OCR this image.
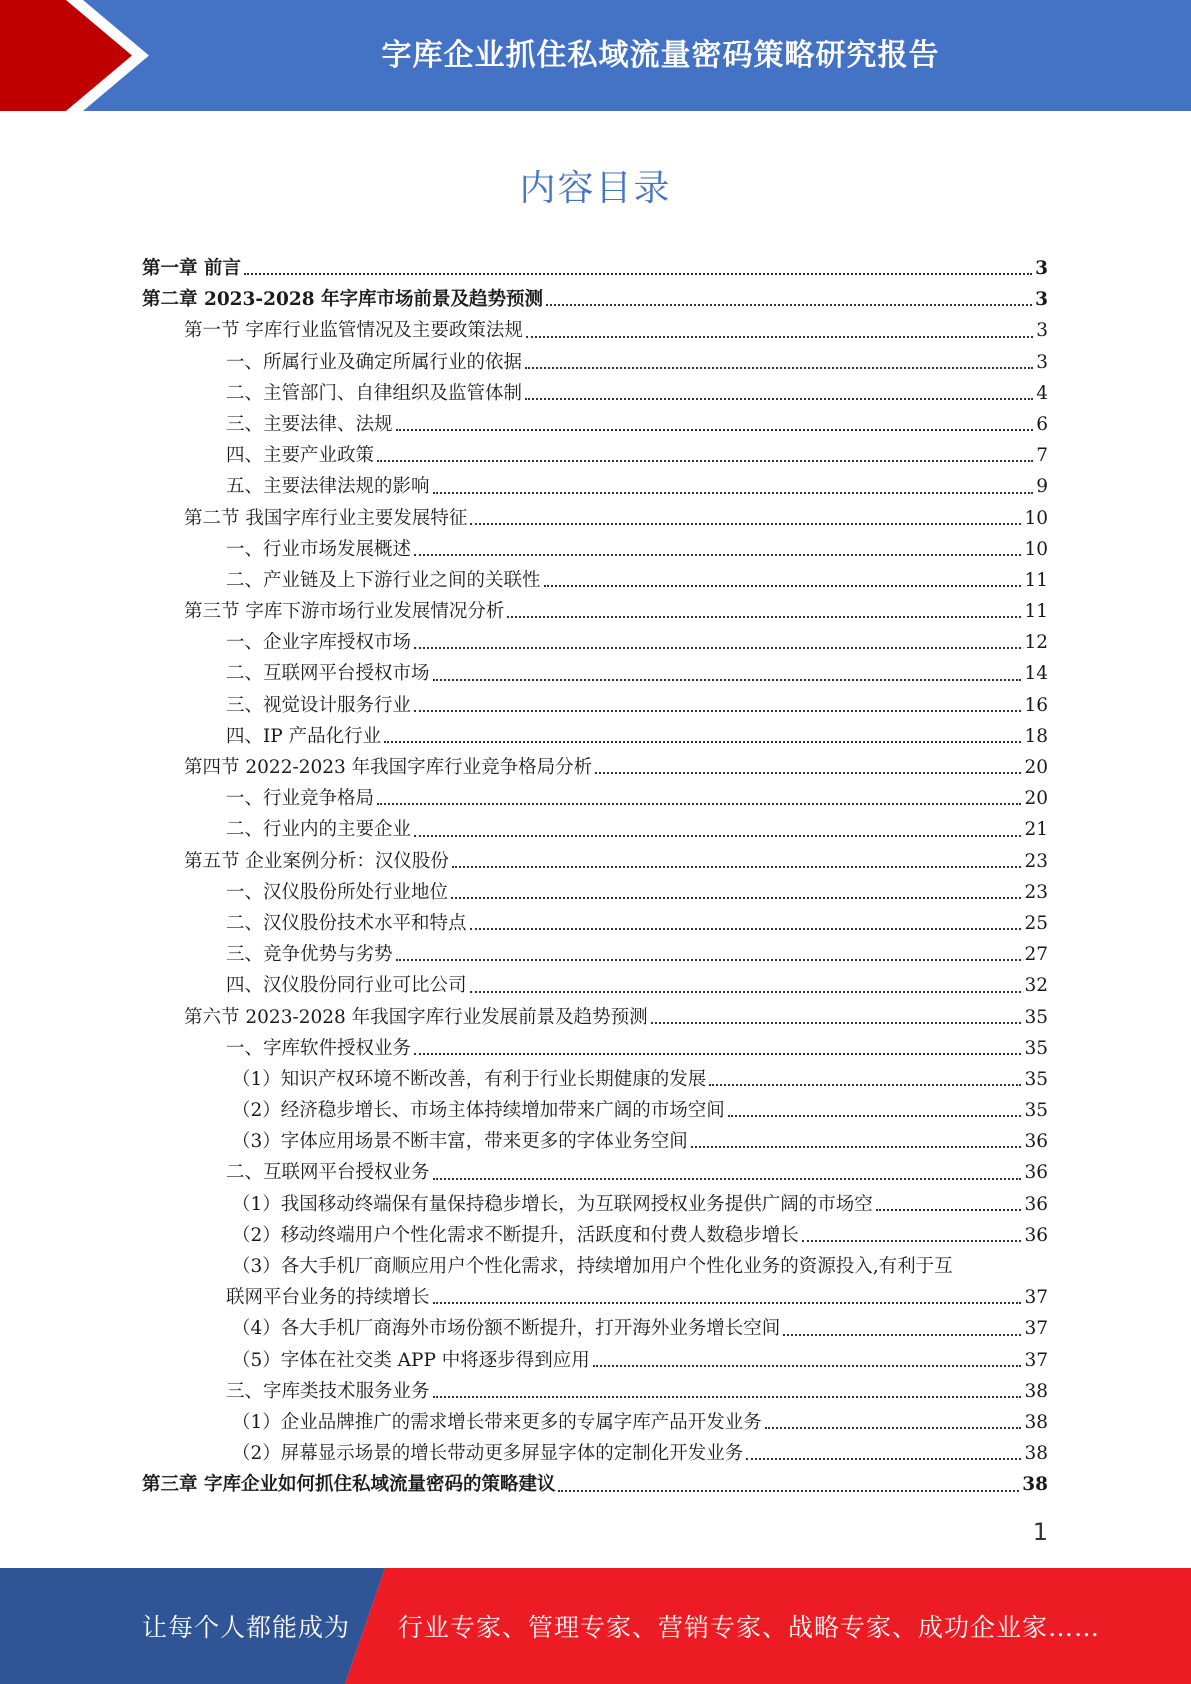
字库企业抓住私域流量密码策略研究报告
内容目录
第一章 前言	3
第二章 2023-2028 年字库市场前景及趋势预测	3
第一节 字库行业监管情况及主要政策法规	3
一、所属行业及确定所属行业的依据	3
二、主管部门、自律组织及监管体制	4
三、主要法律、法规	6
四、主要产业政策	7
五、主要法律法规的影响	9
第二节 我国字库行业主要发展特征	10
一、行业市场发展概述	10
二、产业链及上下游行业之间的关联性	11
第三节 字库下游市场行业发展情况分析	11
一、企业字库授权市场	12
二、互联网平台授权市场	14
三、视觉设计服务行业	16
四、IP 产品化行业	18
第四节 2022-2023 年我国字库行业竞争格局分析	20
一、行业竞争格局	20
二、行业内的主要企业	21
第五节 企业案例分析：汉仪股份	23
一、汉仪股份所处行业地位	23
二、汉仪股份技术水平和特点	25
三、竞争优势与劣势	27
四、汉仪股份同行业可比公司	32
第六节 2023-2028 年我国字库行业发展前景及趋势预测	35
一、字库软件授权业务	35
（1）知识产权环境不断改善，有利于行业长期健康的发展	35
（2）经济稳步增长、市场主体持续增加带来广阔的市场空间	35
（3）字体应用场景不断丰富，带来更多的字体业务空间	36
二、互联网平台授权业务	36
（1）我国移动终端保有量保持稳步增长，为互联网授权业务提供广阔的市场空	36
（2）移动终端用户个性化需求不断提升，活跃度和付费人数稳步增长	36
（3）各大手机厂商顺应用户个性化需求，持续增加用户个性化业务的资源投入,有利于互
联网平台业务的持续增长	37
（4）各大手机厂商海外市场份额不断提升，打开海外业务增长空间	37
（5）字体在社交类 APP 中将逐步得到应用	37
三、字库类技术服务业务	38
（1）企业品牌推广的需求增长带来更多的专属字库产品开发业务	38
（2）屏幕显示场景的增长带动更多屏显字体的定制化开发业务	38
第三章 字库企业如何抓住私域流量密码的策略建议	38
1
让每个人都能成为 行业专家、管理专家、营销专家、战略专家、成功企业家……
